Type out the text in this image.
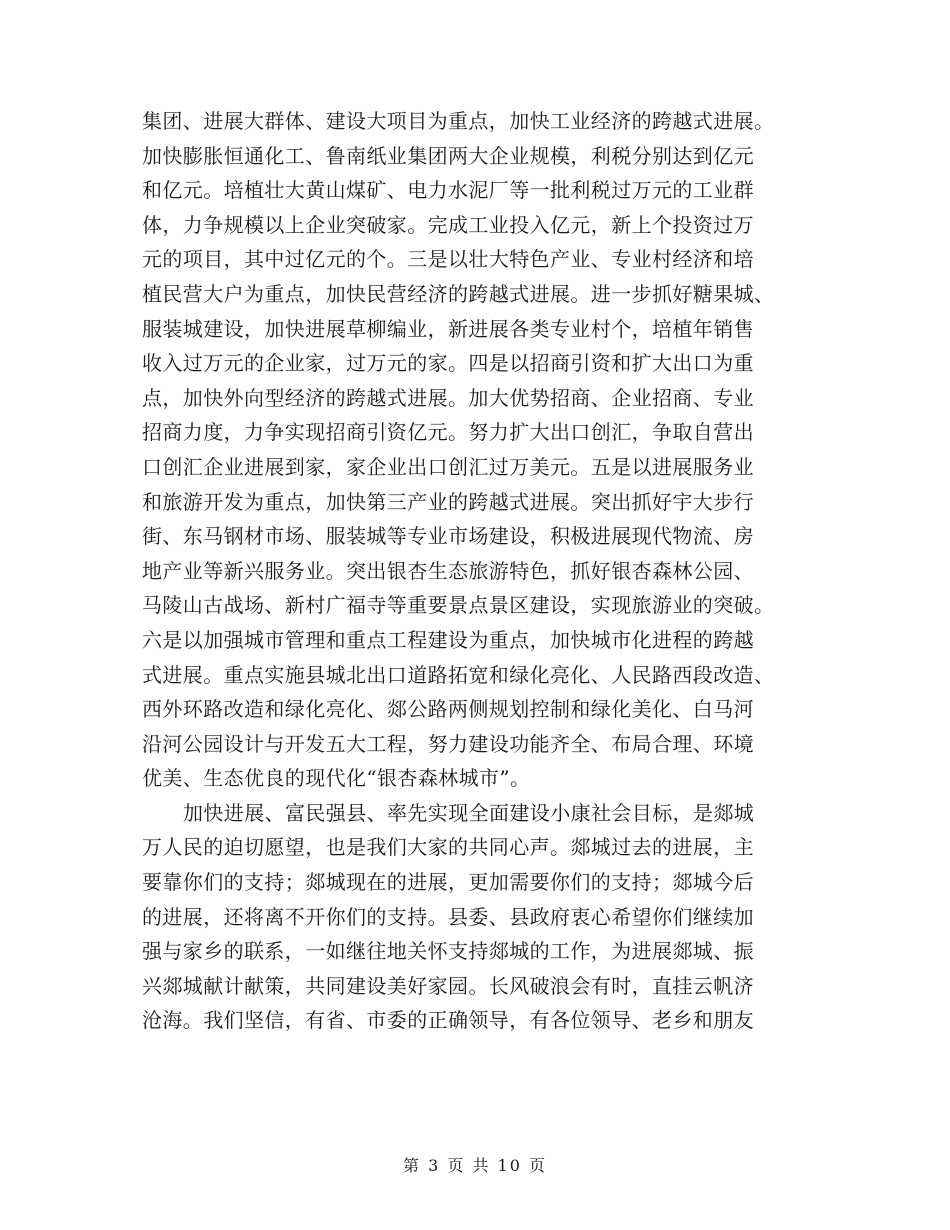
集团、进展大群体、建设大项目为重点，加快工业经济的跨越式进展。
加快膨胀恒通化工、鲁南纸业集团两大企业规模，利税分别达到亿元
和亿元。培植壮大黄山煤矿、电力水泥厂等一批利税过万元的工业群
体，力争规模以上企业突破家。完成工业投入亿元，新上个投资过万
元的项目，其中过亿元的个。三是以壮大特色产业、专业村经济和培
植民营大户为重点，加快民营经济的跨越式进展。进一步抓好糖果城、
服装城建设，加快进展草柳编业，新进展各类专业村个，培植年销售
收入过万元的企业家，过万元的家。四是以招商引资和扩大出口为重
点，加快外向型经济的跨越式进展。加大优势招商、企业招商、专业
招商力度，力争实现招商引资亿元。努力扩大出口创汇，争取自营出
口创汇企业进展到家，家企业出口创汇过万美元。五是以进展服务业
和旅游开发为重点，加快第三产业的跨越式进展。突出抓好宇大步行
街、东马钢材市场、服装城等专业市场建设，积极进展现代物流、房
地产业等新兴服务业。突出银杏生态旅游特色，抓好银杏森林公园、
马陵山古战场、新村广福寺等重要景点景区建设，实现旅游业的突破。
六是以加强城市管理和重点工程建设为重点，加快城市化进程的跨越
式进展。重点实施县城北出口道路拓宽和绿化亮化、人民路西段改造、
西外环路改造和绿化亮化、郯公路两侧规划控制和绿化美化、白马河
沿河公园设计与开发五大工程，努力建设功能齐全、布局合理、环境
优美、生态优良的现代化“银杏森林城市”。

加快进展、富民强县、率先实现全面建设小康社会目标，是郯城
万人民的迫切愿望，也是我们大家的共同心声。郯城过去的进展，主
要靠你们的支持；郯城现在的进展，更加需要你们的支持；郯城今后
的进展，还将离不开你们的支持。县委、县政府衷心希望你们继续加
强与家乡的联系，一如继往地关怀支持郯城的工作，为进展郯城、振
兴郯城献计献策，共同建设美好家园。长风破浪会有时，直挂云帆济
沧海。我们坚信，有省、市委的正确领导，有各位领导、老乡和朋友

第 3 页 共 10 页
